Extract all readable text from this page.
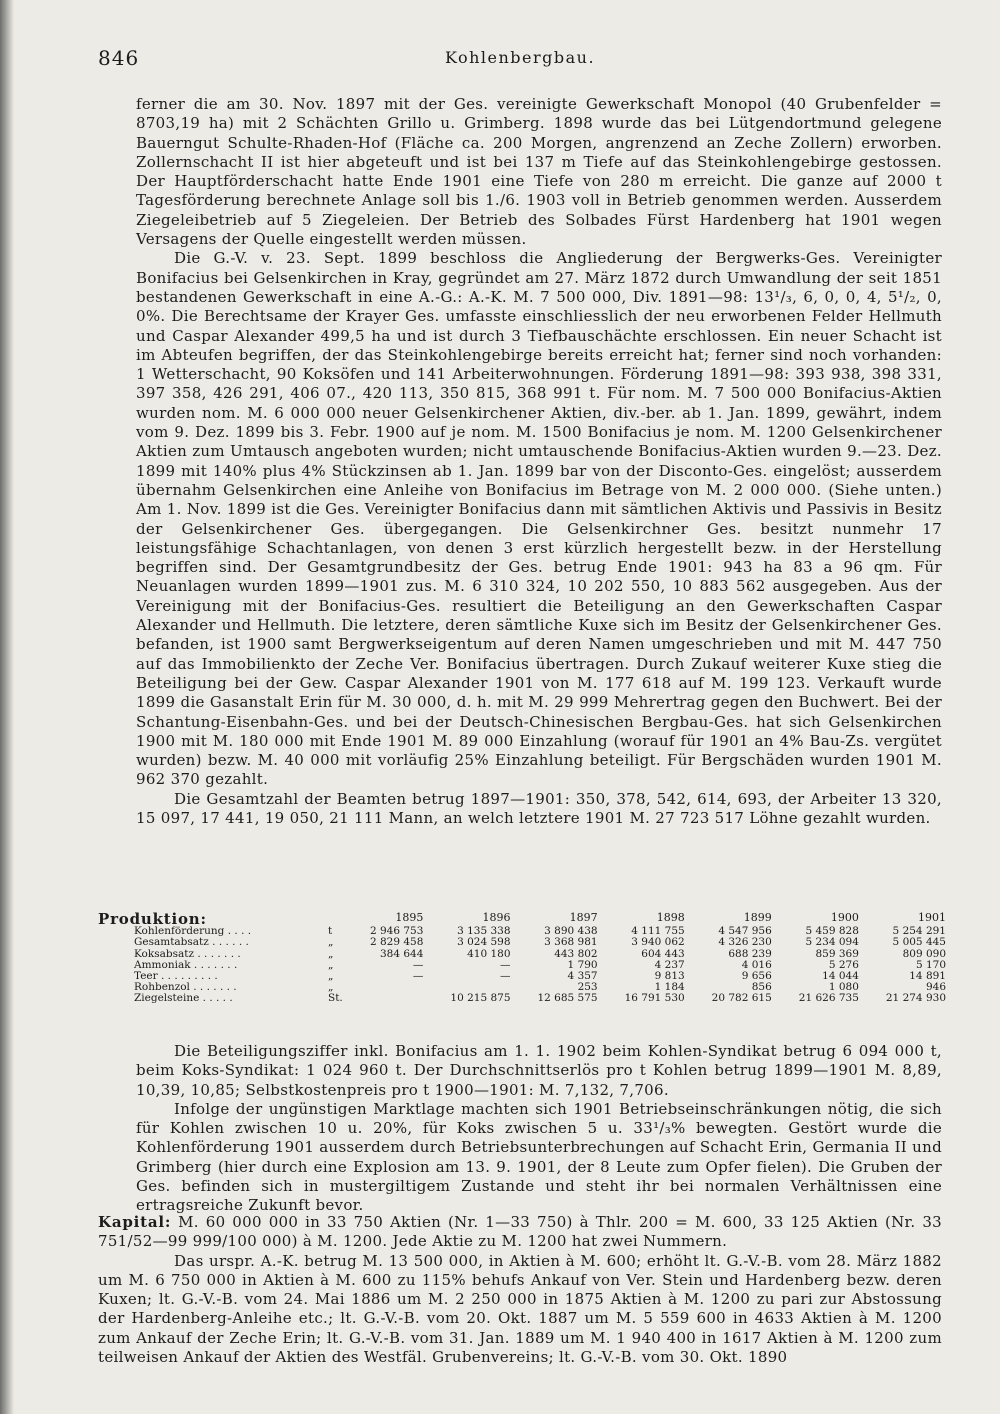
846	Kohlenbergbau.

ferner die am 30. Nov. 1897 mit der Ges. vereinigte Gewerkschaft Monopol (40 Grubenfelder = 8703,19 ha) mit 2 Schächten Grillo u. Grimberg. 1898 wurde das bei Lütgendortmund gelegene Bauerngut Schulte-Rhaden-Hof (Fläche ca. 200 Morgen, angrenzend an Zeche Zollern) erworben. Zollernschacht II ist hier abgeteuft und ist bei 137 m Tiefe auf das Steinkohlengebirge gestossen. Der Hauptförderschacht hatte Ende 1901 eine Tiefe von 280 m erreicht. Die ganze auf 2000 t Tagesförderung berechnete Anlage soll bis 1./6. 1903 voll in Betrieb genommen werden. Ausserdem Ziegeleibetrieb auf 5 Ziegeleien. Der Betrieb des Solbades Fürst Hardenberg hat 1901 wegen Versagens der Quelle eingestellt werden müssen.

Die G.-V. v. 23. Sept. 1899 beschloss die Angliederung der Bergwerks-Ges. Vereinigter Bonifacius bei Gelsenkirchen in Kray, gegründet am 27. März 1872 durch Umwandlung der seit 1851 bestandenen Gewerkschaft in eine A.-G.: A.-K. M. 7 500 000, Div. 1891—98: 13¹/₃, 6, 0, 0, 4, 5¹/₂, 0, 0%. Die Berechtsame der Krayer Ges. umfasste einschliesslich der neu erworbenen Felder Hellmuth und Caspar Alexander 499,5 ha und ist durch 3 Tiefbauschächte erschlossen. Ein neuer Schacht ist im Abteufen begriffen, der das Steinkohlengebirge bereits erreicht hat; ferner sind noch vorhanden: 1 Wetterschacht, 90 Koksöfen und 141 Arbeiterwohnungen. Förderung 1891—98: 393 938, 398 331, 397 358, 426 291, 406 07., 420 113, 350 815, 368 991 t. Für nom. M. 7 500 000 Bonifacius-Aktien wurden nom. M. 6 000 000 neuer Gelsenkirchener Aktien, div.-ber. ab 1. Jan. 1899, gewährt, indem vom 9. Dez. 1899 bis 3. Febr. 1900 auf je nom. M. 1500 Bonifacius je nom. M. 1200 Gelsenkirchener Aktien zum Umtausch angeboten wurden; nicht umtauschende Bonifacius-Aktien wurden 9.—23. Dez. 1899 mit 140% plus 4% Stückzinsen ab 1. Jan. 1899 bar von der Disconto-Ges. eingelöst; ausserdem übernahm Gelsenkirchen eine Anleihe von Bonifacius im Betrage von M. 2 000 000. (Siehe unten.) Am 1. Nov. 1899 ist die Ges. Vereinigter Bonifacius dann mit sämtlichen Aktivis und Passivis in Besitz der Gelsenkirchener Ges. übergegangen. Die Gelsenkirchner Ges. besitzt nunmehr 17 leistungsfähige Schachtanlagen, von denen 3 erst kürzlich hergestellt bezw. in der Herstellung begriffen sind. Der Gesamtgrundbesitz der Ges. betrug Ende 1901: 943 ha 83 a 96 qm. Für Neuanlagen wurden 1899—1901 zus. M. 6 310 324, 10 202 550, 10 883 562 ausgegeben. Aus der Vereinigung mit der Bonifacius-Ges. resultiert die Beteiligung an den Gewerkschaften Caspar Alexander und Hellmuth. Die letztere, deren sämtliche Kuxe sich im Besitz der Gelsenkirchener Ges. befanden, ist 1900 samt Bergwerkseigentum auf deren Namen umgeschrieben und mit M. 447 750 auf das Immobilienkto der Zeche Ver. Bonifacius übertragen. Durch Zukauf weiterer Kuxe stieg die Beteiligung bei der Gew. Caspar Alexander 1901 von M. 177 618 auf M. 199 123. Verkauft wurde 1899 die Gasanstalt Erin für M. 30 000, d. h. mit M. 29 999 Mehrertrag gegen den Buchwert. Bei der Schantung-Eisenbahn-Ges. und bei der Deutsch-Chinesischen Bergbau-Ges. hat sich Gelsenkirchen 1900 mit M. 180 000 mit Ende 1901 M. 89 000 Einzahlung (worauf für 1901 an 4% Bau-Zs. vergütet wurden) bezw. M. 40 000 mit vorläufig 25% Einzahlung beteiligt. Für Bergschäden wurden 1901 M. 962 370 gezahlt.

Die Gesamtzahl der Beamten betrug 1897—1901: 350, 378, 542, 614, 693, der Arbeiter 13 320, 15 097, 17 441, 19 050, 21 111 Mann, an welch letztere 1901 M. 27 723 517 Löhne gezahlt wurden.

Produktion:
			1895	1896	1897	1898	1899	1900	1901
Kohlenförderung . . . .	t	2 946 753	3 135 338	3 890 438	4 111 755	4 547 956	5 459 828	5 254 291
Gesamtabsatz . . . . . .	„	2 829 458	3 024 598	3 368 981	3 940 062	4 326 230	5 234 094	5 005 445
Koksabsatz . . . . . . .	„	384 644	410 180	443 802	604 443	688 239	859 369	809 090
Ammoniak . . . . . . .	„	—	—	1 790	4 237	4 016	5 276	5 170
Teer . . . . . . . . .	„	—	—	4 357	9 813	9 656	14 044	14 891
Rohbenzol . . . . . . .	„			253	1 184	856	1 080	946
Ziegelsteine . . . . .	St.		10 215 875	12 685 575	16 791 530	20 782 615	21 626 735	21 274 930

Die Beteiligungsziffer inkl. Bonifacius am 1. 1. 1902 beim Kohlen-Syndikat betrug 6 094 000 t, beim Koks-Syndikat: 1 024 960 t. Der Durchschnittserlös pro t Kohlen betrug 1899—1901 M. 8,89, 10,39, 10,85; Selbstkostenpreis pro t 1900—1901: M. 7,132, 7,706.

Infolge der ungünstigen Marktlage machten sich 1901 Betriebseinschränkungen nötig, die sich für Kohlen zwischen 10 u. 20%, für Koks zwischen 5 u. 33¹/₃% bewegten. Gestört wurde die Kohlenförderung 1901 ausserdem durch Betriebsunterbrechungen auf Schacht Erin, Germania II und Grimberg (hier durch eine Explosion am 13. 9. 1901, der 8 Leute zum Opfer fielen). Die Gruben der Ges. befinden sich in mustergiltigem Zustande und steht ihr bei normalen Verhältnissen eine ertragsreiche Zukunft bevor.

Kapital: M. 60 000 000 in 33 750 Aktien (Nr. 1—33 750) à Thlr. 200 = M. 600, 33 125 Aktien (Nr. 33 751/52—99 999/100 000) à M. 1200. Jede Aktie zu M. 1200 hat zwei Nummern.

Das urspr. A.-K. betrug M. 13 500 000, in Aktien à M. 600; erhöht lt. G.-V.-B. vom 28. März 1882 um M. 6 750 000 in Aktien à M. 600 zu 115% behufs Ankauf von Ver. Stein und Hardenberg bezw. deren Kuxen; lt. G.-V.-B. vom 24. Mai 1886 um M. 2 250 000 in 1875 Aktien à M. 1200 zu pari zur Abstossung der Hardenberg-Anleihe etc.; lt. G.-V.-B. vom 20. Okt. 1887 um M. 5 559 600 in 4633 Aktien à M. 1200 zum Ankauf der Zeche Erin; lt. G.-V.-B. vom 31. Jan. 1889 um M. 1 940 400 in 1617 Aktien à M. 1200 zum teilweisen Ankauf der Aktien des Westfäl. Grubenvereins; lt. G.-V.-B. vom 30. Okt. 1890
